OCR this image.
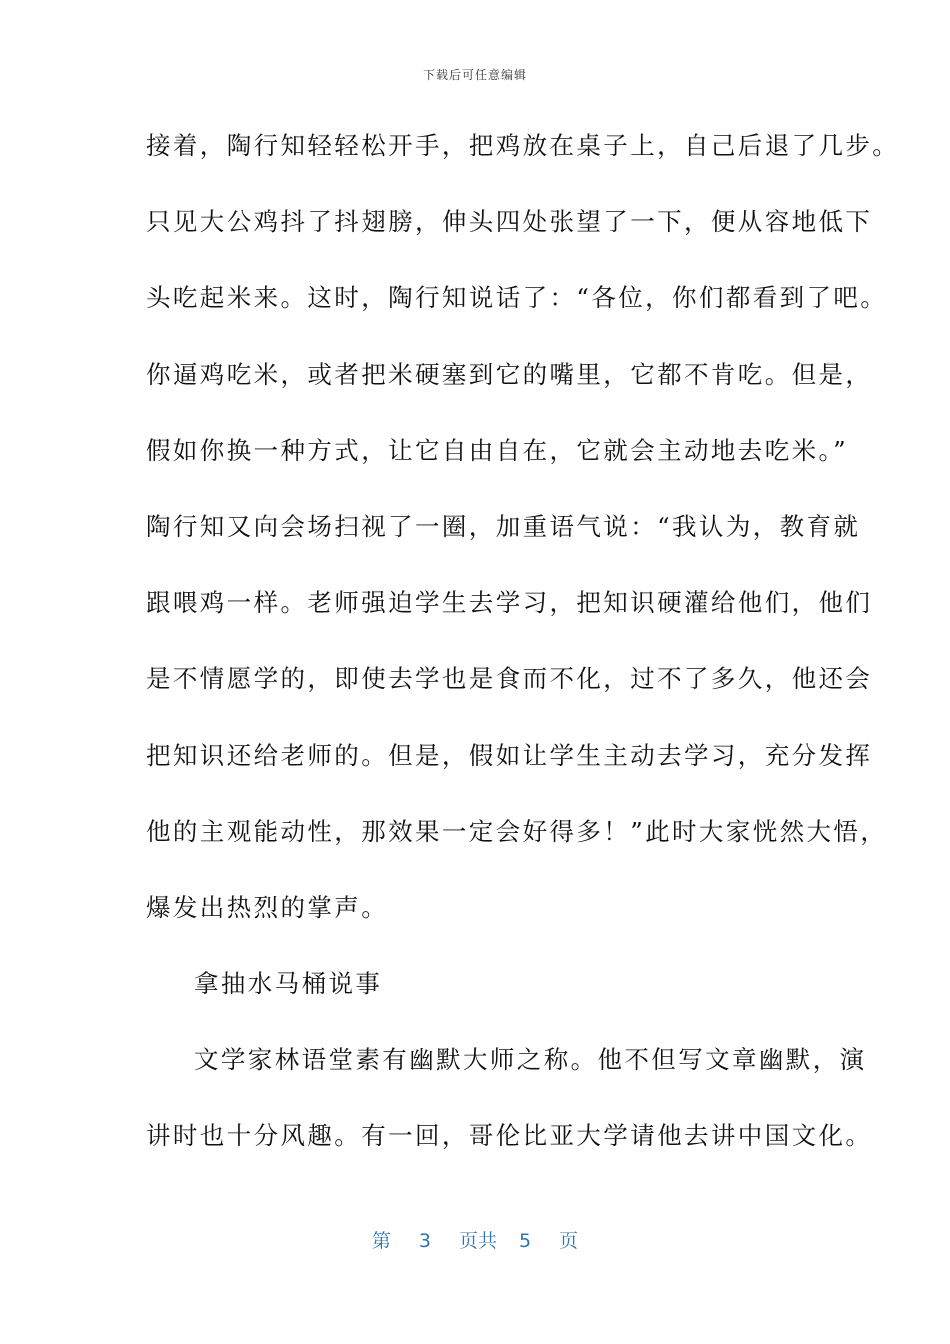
下载后可任意编辑
接着，陶行知轻轻松开手，把鸡放在桌子上，自己后退了几步。
只见大公鸡抖了抖翅膀，伸头四处张望了一下，便从容地低下
头吃起米来。这时，陶行知说话了：“各位，你们都看到了吧。
你逼鸡吃米，或者把米硬塞到它的嘴里，它都不肯吃。但是，
假如你换一种方式，让它自由自在，它就会主动地去吃米。”
陶行知又向会场扫视了一圈，加重语气说：“我认为，教育就
跟喂鸡一样。老师强迫学生去学习，把知识硬灌给他们，他们
是不情愿学的，即使去学也是食而不化，过不了多久，他还会
把知识还给老师的。但是，假如让学生主动去学习，充分发挥
他的主观能动性，那效果一定会好得多！”此时大家恍然大悟，
爆发出热烈的掌声。
拿抽水马桶说事
文学家林语堂素有幽默大师之称。他不但写文章幽默，演
讲时也十分风趣。有一回，哥伦比亚大学请他去讲中国文化。
第 3 页共 5 页
